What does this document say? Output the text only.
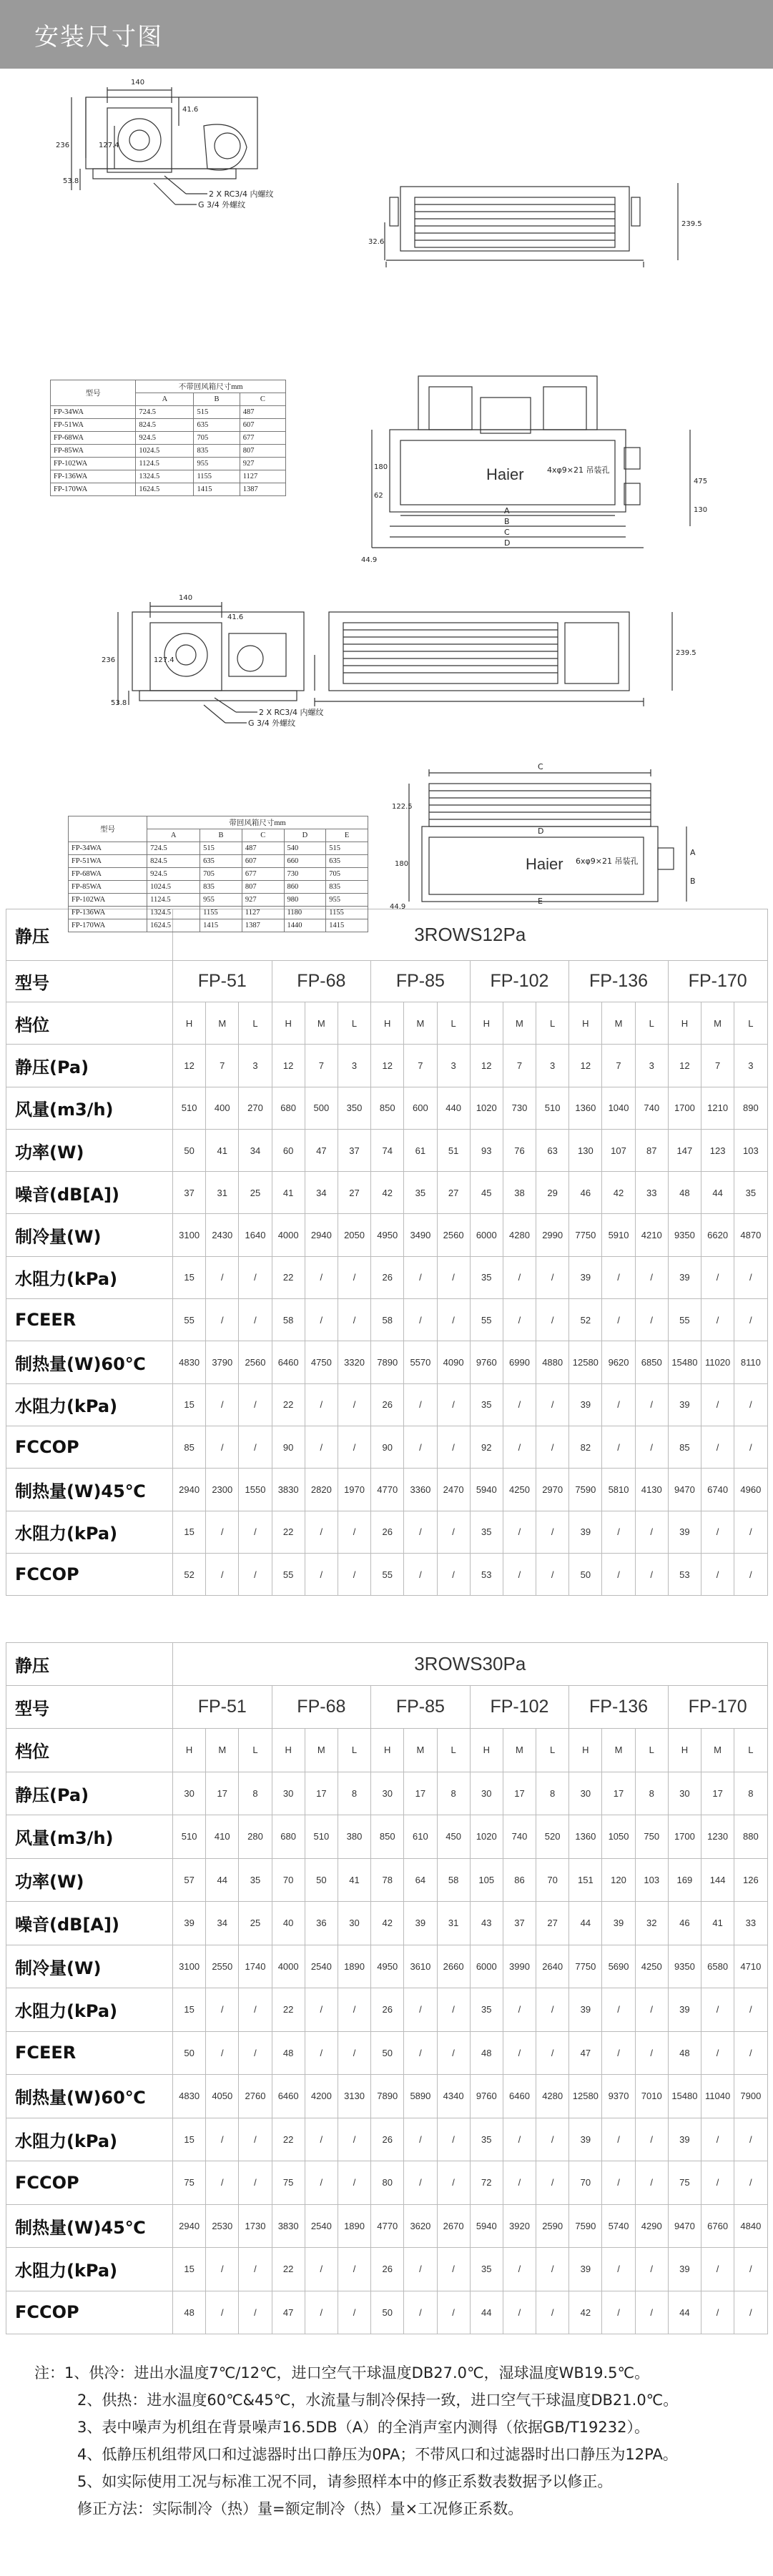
安装尺寸图
140
41.6
236	127.4
53.8
2 X RC3/4 内螺纹
G 3/4 外螺纹
32.6
239.5
180
62
44.9
475
130
Haier	4xφ9×21 吊装孔
A
B
C
D
140
41.6
236	127.4
53.8
2 X RC3/4 内螺纹
G 3/4 外螺纹
239.5
122.5
180
44.9
Haier 6xφ9×21 吊装孔
C
D
E
A
B
型号	不带回风箱尺寸mm		
	A	B	C
FP-34WA	724.5	515	487
FP-51WA	824.5	635	607
FP-68WA	924.5	705	677
FP-85WA	1024.5	835	807
FP-102WA	1124.5	955	927
FP-136WA	1324.5	1155	1127
FP-170WA	1624.5	1415	1387
型号	带回风箱尺寸mm				
	A	B	C	D	E
FP-34WA	724.5	515	487	540	515
FP-51WA	824.5	635	607	660	635
FP-68WA	924.5	705	677	730	705
FP-85WA	1024.5	835	807	860	835
FP-102WA	1124.5	955	927	980	955
FP-136WA	1324.5	1155	1127	1180	1155
FP-170WA	1624.5	1415	1387	1440	1415
静压	3ROWS12Pa																	
型号	FP-51			FP-68			FP-85			FP-102			FP-136			FP-170		
档位	H	M	L	H	M	L	H	M	L	H	M	L	H	M	L	H	M	L
静压(Pa)	12	7	3	12	7	3	12	7	3	12	7	3	12	7	3	12	7	3
风量(m3/h)	510	400	270	680	500	350	850	600	440	1020	730	510	1360	1040	740	1700	1210	890
功率(W)	50	41	34	60	47	37	74	61	51	93	76	63	130	107	87	147	123	103
噪音(dB[A])	37	31	25	41	34	27	42	35	27	45	38	29	46	42	33	48	44	35
制冷量(W)	3100	2430	1640	4000	2940	2050	4950	3490	2560	6000	4280	2990	7750	5910	4210	9350	6620	4870
水阻力(kPa)	15	/	/	22	/	/	26	/	/	35	/	/	39	/	/	39	/	/
FCEER	55	/	/	58	/	/	58	/	/	55	/	/	52	/	/	55	/	/
制热量(W)60℃	4830	3790	2560	6460	4750	3320	7890	5570	4090	9760	6990	4880	12580	9620	6850	15480	11020	8110
水阻力(kPa)	15	/	/	22	/	/	26	/	/	35	/	/	39	/	/	39	/	/
FCCOP	85	/	/	90	/	/	90	/	/	92	/	/	82	/	/	85	/	/
制热量(W)45℃	2940	2300	1550	3830	2820	1970	4770	3360	2470	5940	4250	2970	7590	5810	4130	9470	6740	4960
水阻力(kPa)	15	/	/	22	/	/	26	/	/	35	/	/	39	/	/	39	/	/
FCCOP	52	/	/	55	/	/	55	/	/	53	/	/	50	/	/	53	/	/
静压	3ROWS30Pa																	
型号	FP-51			FP-68			FP-85			FP-102			FP-136			FP-170		
档位	H	M	L	H	M	L	H	M	L	H	M	L	H	M	L	H	M	L
静压(Pa)	30	17	8	30	17	8	30	17	8	30	17	8	30	17	8	30	17	8
风量(m3/h)	510	410	280	680	510	380	850	610	450	1020	740	520	1360	1050	750	1700	1230	880
功率(W)	57	44	35	70	50	41	78	64	58	105	86	70	151	120	103	169	144	126
噪音(dB[A])	39	34	25	40	36	30	42	39	31	43	37	27	44	39	32	46	41	33
制冷量(W)	3100	2550	1740	4000	2540	1890	4950	3610	2660	6000	3990	2640	7750	5690	4250	9350	6580	4710
水阻力(kPa)	15	/	/	22	/	/	26	/	/	35	/	/	39	/	/	39	/	/
FCEER	50	/	/	48	/	/	50	/	/	48	/	/	47	/	/	48	/	/
制热量(W)60℃	4830	4050	2760	6460	4200	3130	7890	5890	4340	9760	6460	4280	12580	9370	7010	15480	11040	7900
水阻力(kPa)	15	/	/	22	/	/	26	/	/	35	/	/	39	/	/	39	/	/
FCCOP	75	/	/	75	/	/	80	/	/	72	/	/	70	/	/	75	/	/
制热量(W)45℃	2940	2530	1730	3830	2540	1890	4770	3620	2670	5940	3920	2590	7590	5740	4290	9470	6760	4840
水阻力(kPa)	15	/	/	22	/	/	26	/	/	35	/	/	39	/	/	39	/	/
FCCOP	48	/	/	47	/	/	50	/	/	44	/	/	42	/	/	44	/	/
注： 1、供冷：进出水温度7℃/12℃，进口空气干球温度DB27.0℃，湿球温度WB19.5℃。
2、供热：进水温度60℃&45℃，水流量与制冷保持一致，进口空气干球温度DB21.0℃。
3、表中噪声为机组在背景噪声16.5DB（A）的全消声室内测得（依据GB/T19232）。
4、低静压机组带风口和过滤器时出口静压为0PA；不带风口和过滤器时出口静压为12PA。
5、如实际使用工况与标准工况不同，请参照样本中的修正系数表数据予以修正。
修正方法：实际制冷（热）量=额定制冷（热）量×工况修正系数。
